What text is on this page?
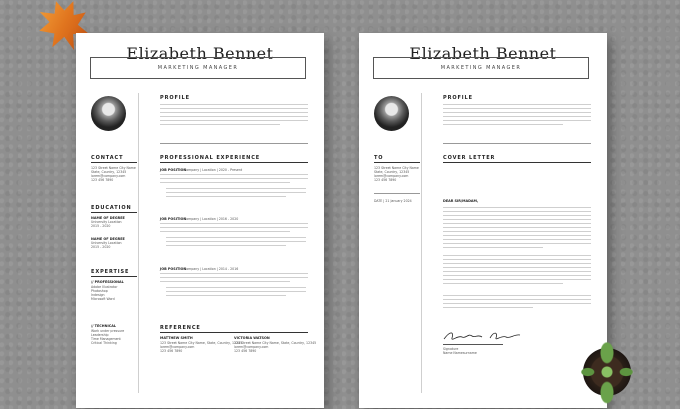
Elizabeth Bennet
MARKETING MANAGER
PROFILE
CONTACT
123 Street Name City Name
State, Country, 12345
lorem@company.com
123 456 7890
EDUCATION
NAME OF DEGREE
University Location
2015 - 2020
NAME OF DEGREE
University Location
2015 - 2020
EXPERTISE
// PROFESSIONAL
Adobe Illustrator
Photoshop
Indesign
Microsoft Word
// TECHNICAL
Work under pressure
Leadership
Time Management
Critical Thinking
PROFESSIONAL EXPERIENCE
JOB POSITION
Company | Location | 2020 - Present
JOB POSITION
Company | Location | 2016 - 2020
JOB POSITION
Company | Location | 2014 - 2016
REFERENCE
MATTHEW SMITH
123 Street Name City Name, State, Country, 12345
lorem@company.com
123 456 7890
VICTORIA WATSON
123 Street Name City Name, State, Country, 12345
lorem@company.com
123 456 7890
Elizabeth Bennet
MARKETING MANAGER
PROFILE
TO
123 Street Name City Name
State, Country, 12345
lorem@company.com
123 456 7890
DATE | 21 January 2024
COVER LETTER
DEAR SIR/MADAM,
Signature
Name Namesurname
